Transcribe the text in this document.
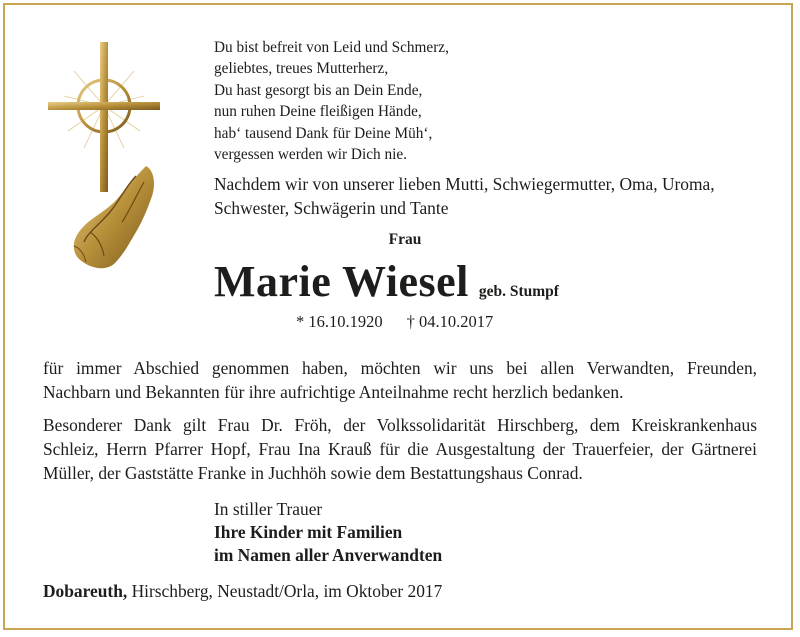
Du bist befreit von Leid und Schmerz,
geliebtes, treues Mutterherz,
Du hast gesorgt bis an Dein Ende,
nun ruhen Deine fleißigen Hände,
hab‘ tausend Dank für Deine Müh‘,
vergessen werden wir Dich nie.
Nachdem wir von unserer lieben Mutti, Schwiegermutter, Oma, Uroma,
Schwester, Schwägerin und Tante
Frau
Marie Wiesel geb. Stumpf
* 16.10.1920 † 04.10.2017
für immer Abschied genommen haben, möchten wir uns bei allen Verwandten, Freunden,
Nachbarn und Bekannten für ihre aufrichtige Anteilnahme recht herzlich bedanken.
Besonderer Dank gilt Frau Dr. Fröh, der Volkssolidarität Hirschberg, dem Kreiskrankenhaus
Schleiz, Herrn Pfarrer Hopf, Frau Ina Krauß für die Ausgestaltung der Trauerfeier, der Gärtnerei
Müller, der Gaststätte Franke in Juchhöh sowie dem Bestattungshaus Conrad.
In stiller Trauer
Ihre Kinder mit Familien
im Namen aller Anverwandten
Dobareuth, Hirschberg, Neustadt/Orla, im Oktober 2017
